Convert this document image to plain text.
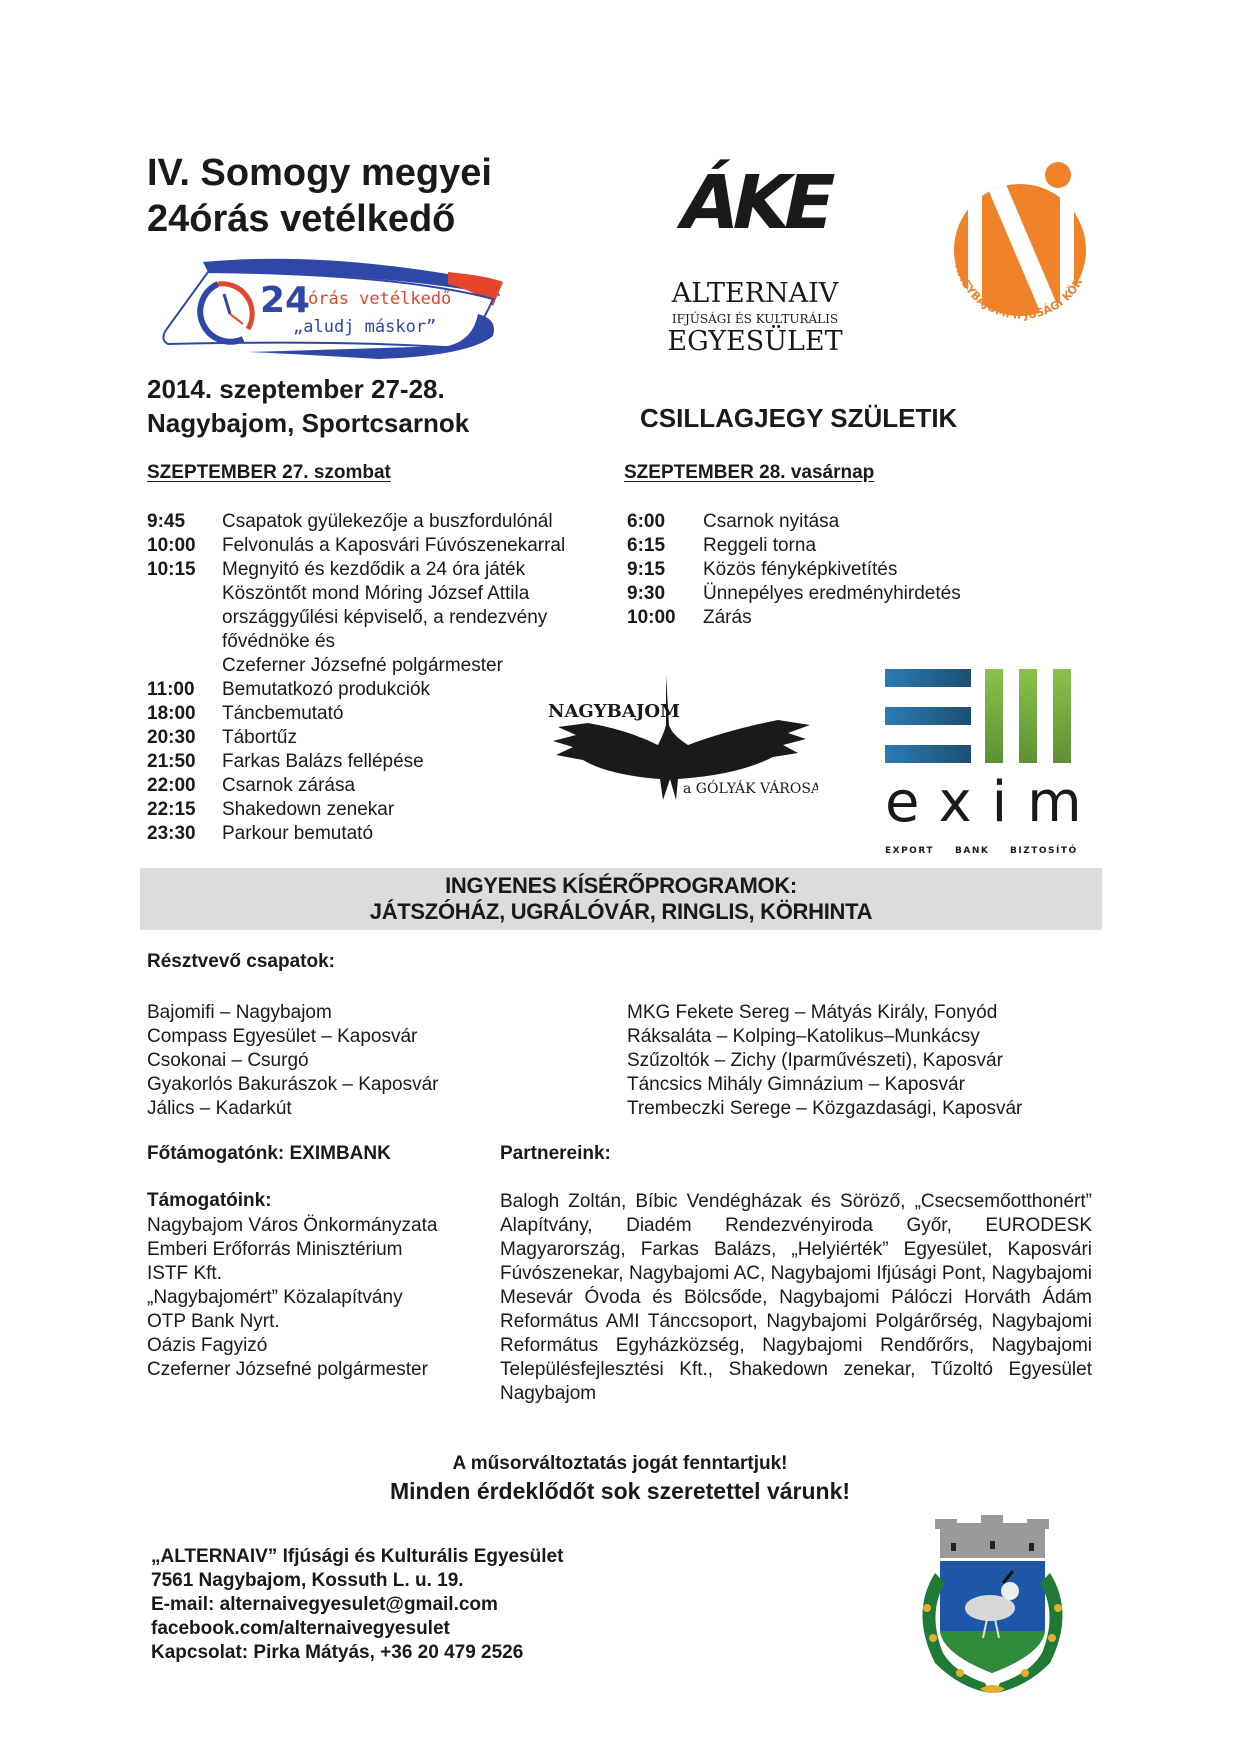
IV. Somogy megyei
24órás vetélkedő
24
órás vetélkedő
„aludj máskor”
2014. szeptember 27-28.
Nagybajom, Sportcsarnok
ÁKE
ALTERNAIV
IFJÚSÁGI ÉS KULTURÁLIS
EGYESÜLET
NAGYBAJOMI IFJÚSÁGI KÖR
CSILLAGJEGY SZÜLETIK
SZEPTEMBER 27. szombat
9:45	Csapatok gyülekezője a buszfordulónál
10:00	Felvonulás a Kaposvári Fúvószenekarral
10:15	Megnyitó és kezdődik a 24 óra játék
Köszöntőt mond Móring József Attila
országgyűlési képviselő, a rendezvény
fővédnöke és
Czeferner Józsefné polgármester
11:00	Bemutatkozó produkciók
18:00	Táncbemutató
20:30	Tábortűz
21:50	Farkas Balázs fellépése
22:00	Csarnok zárása
22:15	Shakedown zenekar
23:30	Parkour bemutató
SZEPTEMBER 28. vasárnap
6:00	Csarnok nyitása
6:15	Reggeli torna
9:15	Közös fényképkivetítés
9:30	Ünnepélyes eredményhirdetés
10:00	Zárás
NAGYBAJOM
a GÓLYÁK VÁROSA exim
EXPORT BANK BIZTOSÍTÓ
INGYENES KÍSÉRŐPROGRAMOK:
JÁTSZÓHÁZ, UGRÁLÓVÁR, RINGLIS, KÖRHINTA
Résztvevő csapatok:
Bajomifi – Nagybajom
Compass Egyesület – Kaposvár
Csokonai – Csurgó
Gyakorlós Bakurászok – Kaposvár
Jálics – Kadarkút
MKG Fekete Sereg – Mátyás Király, Fonyód
Ráksaláta – Kolping–Katolikus–Munkácsy
Szűzoltók – Zichy (Iparművészeti), Kaposvár
Táncsics Mihály Gimnázium – Kaposvár
Trembeczki Serege – Közgazdasági, Kaposvár
Főtámogatónk: EXIMBANK
Támogatóink:
Nagybajom Város Önkormányzata
Emberi Erőforrás Minisztérium
ISTF Kft.
„Nagybajomért” Közalapítvány
OTP Bank Nyrt.
Oázis Fagyizó
Czeferner Józsefné polgármester
Partnereink:
Balogh Zoltán, Bíbic Vendégházak és Söröző, „Csecsemőotthonért” Alapítvány, Diadém Rendezvényiroda Győr, EURODESK Magyarország, Farkas Balázs, „Helyiérték” Egyesület, Kaposvári Fúvószenekar, Nagybajomi AC, Nagybajomi Ifjúsági Pont, Nagybajomi Mesevár Óvoda és Bölcsőde, Nagybajomi Pálóczi Horváth Ádám Református AMI Tánccsoport, Nagybajomi Polgárőrség, Nagybajomi Református Egyházközség, Nagybajomi Rendőrőrs, Nagybajomi Településfejlesztési Kft., Shakedown zenekar, Tűzoltó Egyesület Nagybajom
A műsorváltoztatás jogát fenntartjuk!
Minden érdeklődőt sok szeretettel várunk!
„ALTERNAIV” Ifjúsági és Kulturális Egyesület
7561 Nagybajom, Kossuth L. u. 19.
E-mail: alternaivegyesulet@gmail.com
facebook.com/alternaivegyesulet
Kapcsolat: Pirka Mátyás, +36 20 479 2526
